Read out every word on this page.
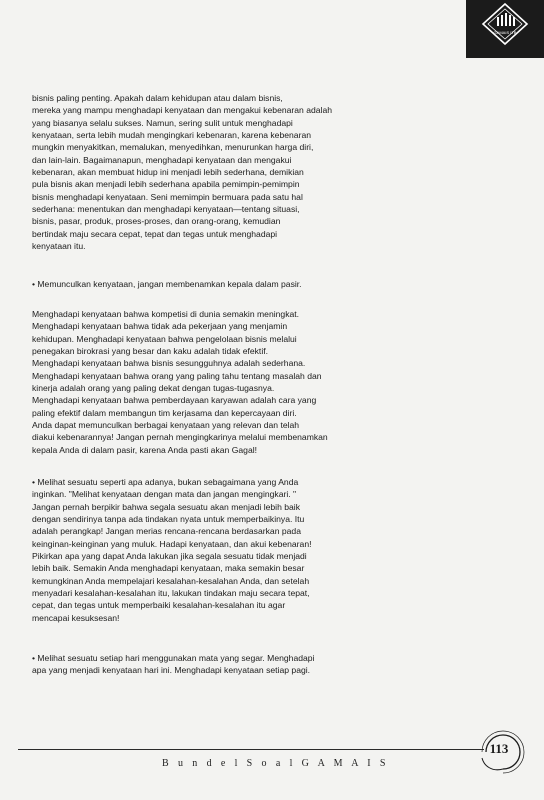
GAMAIS ITB
bisnis paling penting. Apakah dalam kehidupan atau dalam bisnis,
mereka yang mampu menghadapi kenyataan dan mengakui kebenaran adalah
yang biasanya selalu sukses. Namun, sering sulit untuk menghadapi
kenyataan, serta lebih mudah mengingkari kebenaran, karena kebenaran
mungkin menyakitkan, memalukan, menyedihkan, menurunkan harga diri,
dan lain-lain. Bagaimanapun, menghadapi kenyataan dan mengakui
kebenaran, akan membuat hidup ini menjadi lebih sederhana, demikian
pula bisnis akan menjadi lebih sederhana apabila pemimpin-pemimpin
bisnis menghadapi kenyataan. Seni memimpin bermuara pada satu hal
sederhana: menentukan dan menghadapi kenyataan—tentang situasi,
bisnis, pasar, produk, proses-proses, dan orang-orang, kemudian
bertindak maju secara cepat, tepat dan tegas untuk menghadapi
kenyataan itu.
• Memunculkan kenyataan, jangan membenamkan kepala dalam pasir.
Menghadapi kenyataan bahwa kompetisi di dunia semakin meningkat.
Menghadapi kenyataan bahwa tidak ada pekerjaan yang menjamin
kehidupan. Menghadapi kenyataan bahwa pengelolaan bisnis melalui
penegakan birokrasi yang besar dan kaku adalah tidak efektif.
Menghadapi kenyataan bahwa bisnis sesungguhnya adalah sederhana.
Menghadapi kenyataan bahwa orang yang paling tahu tentang masalah dan
kinerja adalah orang yang paling dekat dengan tugas-tugasnya.
Menghadapi kenyataan bahwa pemberdayaan karyawan adalah cara yang
paling efektif dalam membangun tim kerjasama dan kepercayaan diri.
Anda dapat memunculkan berbagai kenyataan yang relevan dan telah
diakui kebenarannya! Jangan pernah mengingkarinya melalui membenamkan
kepala Anda di dalam pasir, karena Anda pasti akan Gagal!
• Melihat sesuatu seperti apa adanya, bukan sebagaimana yang Anda
inginkan. "Melihat kenyataan dengan mata dan jangan mengingkari. "
Jangan pernah berpikir bahwa segala sesuatu akan menjadi lebih baik
dengan sendirinya tanpa ada tindakan nyata untuk memperbaikinya. Itu
adalah perangkap! Jangan merias rencana-rencana berdasarkan pada
keinginan-keinginan yang muluk. Hadapi kenyataan, dan akui kebenaran!
Pikirkan apa yang dapat Anda lakukan jika segala sesuatu tidak menjadi
lebih baik. Semakin Anda menghadapi kenyataan, maka semakin besar
kemungkinan Anda mempelajari kesalahan-kesalahan Anda, dan setelah
menyadari kesalahan-kesalahan itu, lakukan tindakan maju secara tepat,
cepat, dan tegas untuk memperbaiki kesalahan-kesalahan itu agar
mencapai kesuksesan!
• Melihat sesuatu setiap hari menggunakan mata yang segar. Menghadapi
apa yang menjadi kenyataan hari ini. Menghadapi kenyataan setiap pagi.
B u n d e l S o a l G A M A I S
113
